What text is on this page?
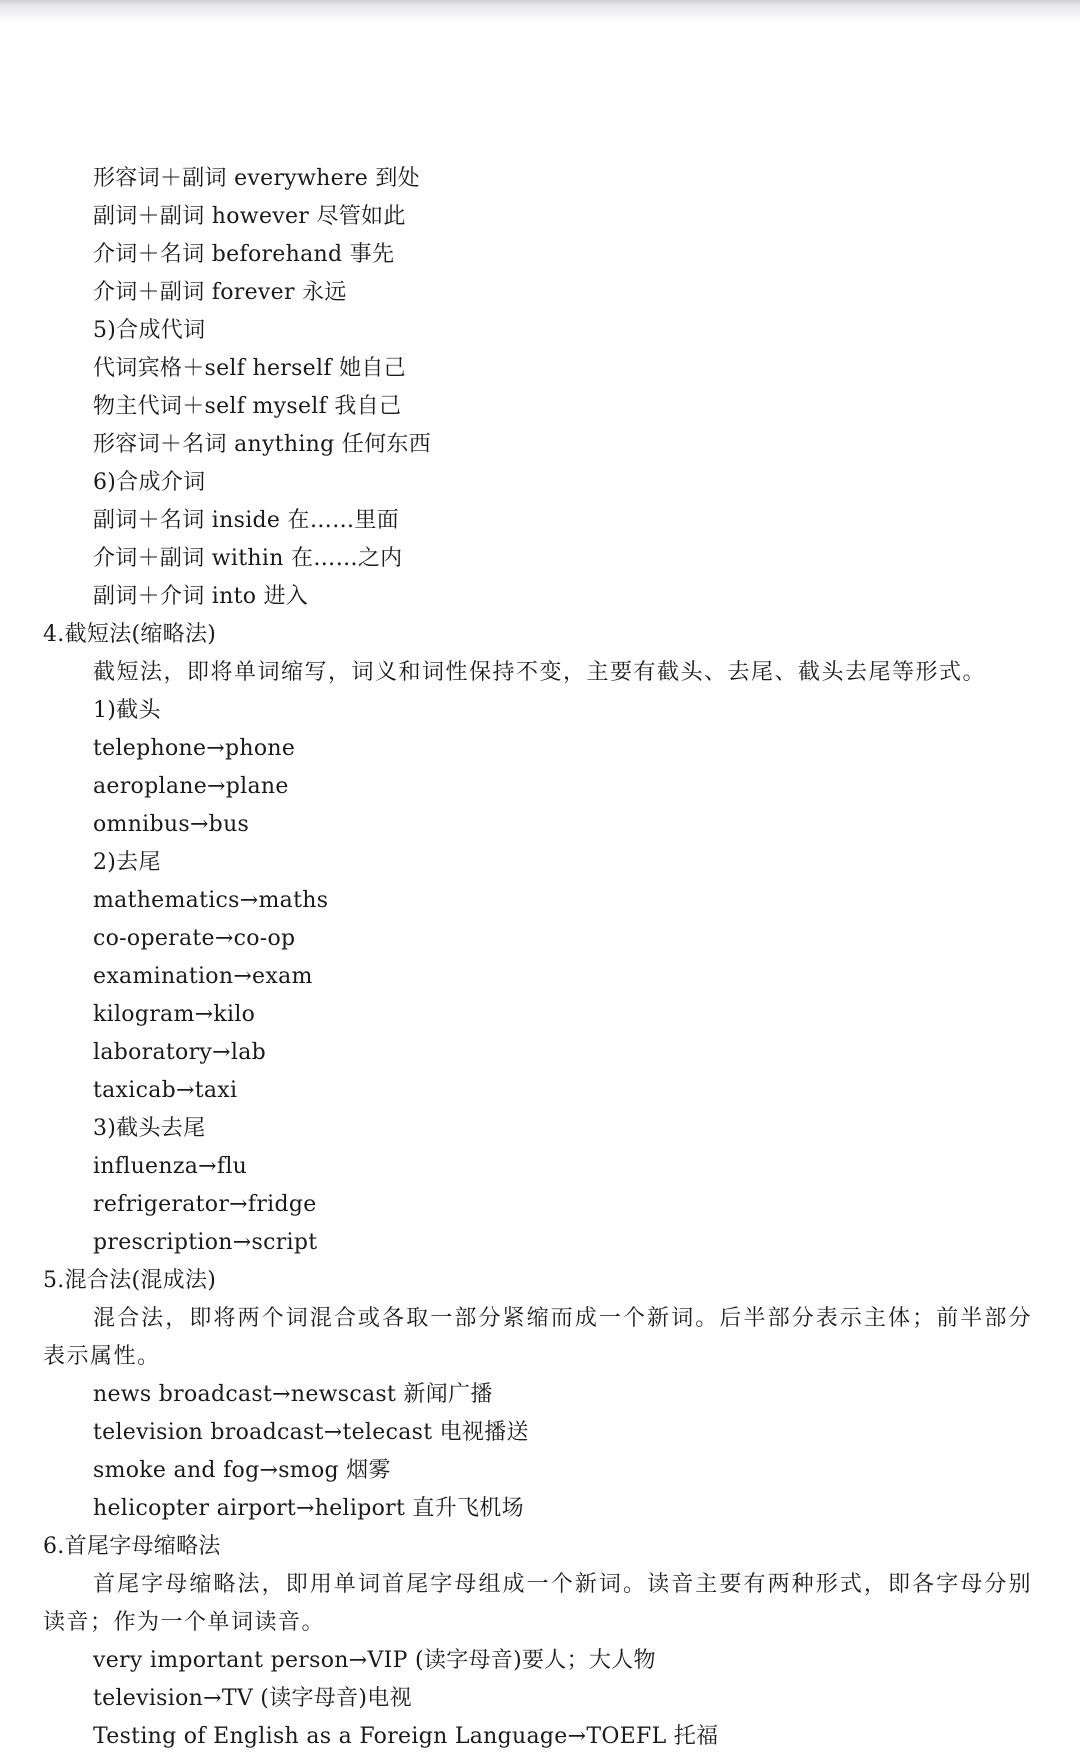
形容词＋副词 everywhere 到处
副词＋副词 however 尽管如此
介词＋名词 beforehand 事先
介词＋副词 forever 永远
5)合成代词
代词宾格＋self herself 她自己
物主代词＋self myself 我自己
形容词＋名词 anything 任何东西
6)合成介词
副词＋名词 inside 在……里面
介词＋副词 within 在……之内
副词＋介词 into 进入
4.截短法(缩略法)
截短法，即将单词缩写，词义和词性保持不变，主要有截头、去尾、截头去尾等形式。
1)截头
telephone→phone
aeroplane→plane
omnibus→bus
2)去尾
mathematics→maths
co-operate→co-op
examination→exam
kilogram→kilo
laboratory→lab
taxicab→taxi
3)截头去尾
influenza→flu
refrigerator→fridge
prescription→script
5.混合法(混成法)
混合法，即将两个词混合或各取一部分紧缩而成一个新词。后半部分表示主体；前半部分表示属性。
news broadcast→newscast 新闻广播
television broadcast→telecast 电视播送
smoke and fog→smog 烟雾
helicopter airport→heliport 直升飞机场
6.首尾字母缩略法
首尾字母缩略法，即用单词首尾字母组成一个新词。读音主要有两种形式，即各字母分别读音；作为一个单词读音。
very important person→VIP (读字母音)要人；大人物
television→TV (读字母音)电视
Testing of English as a Foreign Language→TOEFL 托福
